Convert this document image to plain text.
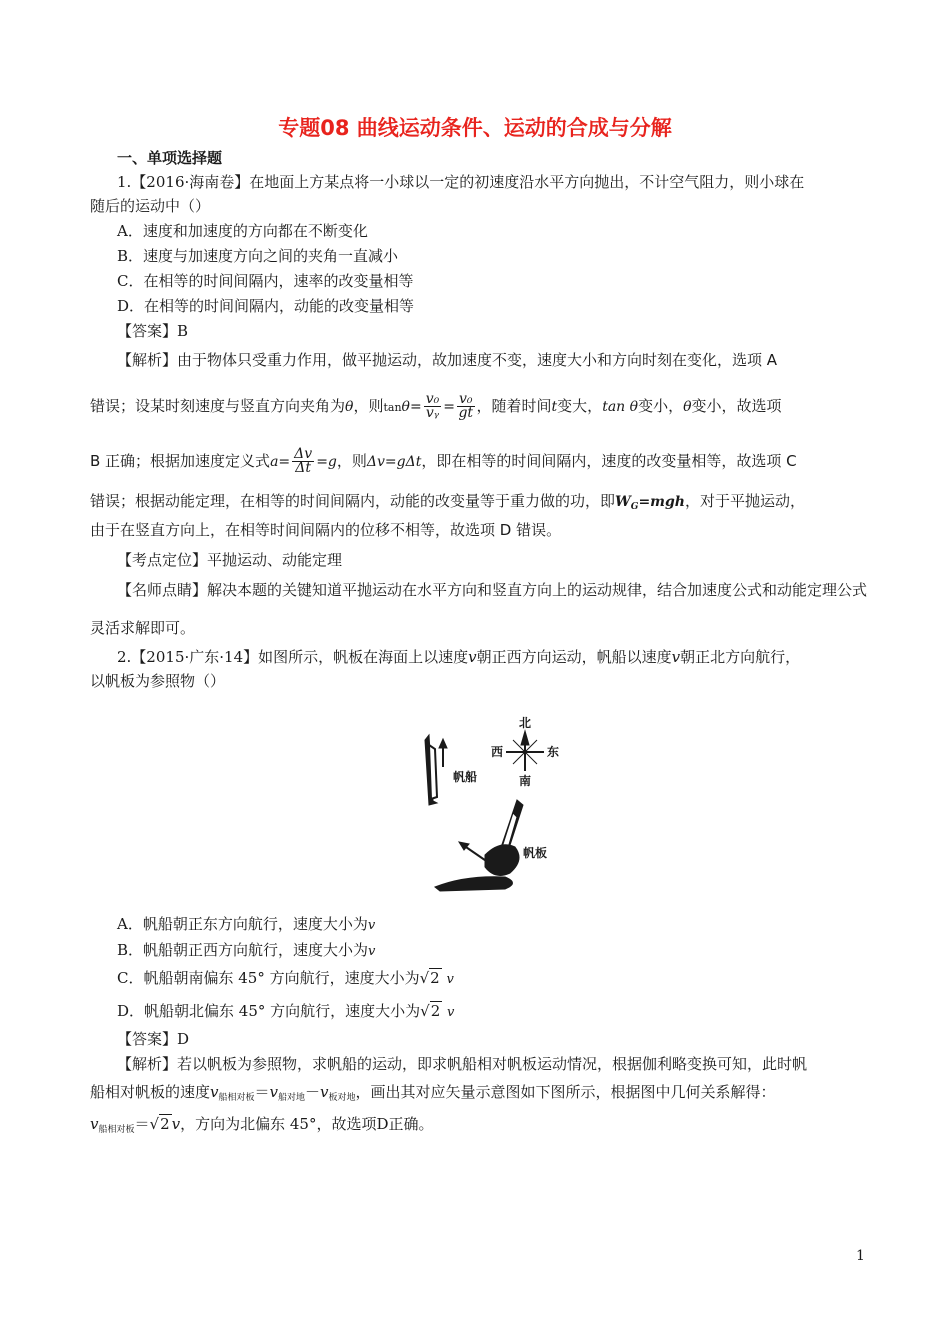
专题08 曲线运动条件、运动的合成与分解
一、单项选择题
1.【2016·海南卷】在地面上方某点将一小球以一定的初速度沿水平方向抛出，不计空气阻力，则小球在
随后的运动中（）
A．速度和加速度的方向都在不断变化
B．速度与加速度方向之间的夹角一直减小
C．在相等的时间间隔内，速率的改变量相等
D．在相等的时间间隔内，动能的改变量相等
【答案】B
【解析】由于物体只受重力作用，做平抛运动，故加速度不变，速度大小和方向时刻在变化，选项 A
错误；设某时刻速度与竖直方向夹角为θ，则$\tan\theta= \frac{\text{v₀}}{\text{vᵧ}} = \frac{\text{v₀}}{gt}$ ，随着时间t变大，tan θ变小，θ变小，故选项
B 正确；根据加速度定义式$a= \frac{\Delta v}{\Delta t} =g$，则Δv=gΔt，即在相等的时间间隔内，速度的改变量相等，故选项 C
错误；根据动能定理，在相等的时间间隔内，动能的改变量等于重力做的功，即$W_G=mgh$，对于平抛运动，
由于在竖直方向上，在相等时间间隔内的位移不相等，故选项 D 错误。
【考点定位】平抛运动、动能定理
【名师点睛】解决本题的关键知道平抛运动在水平方向和竖直方向上的运动规律，结合加速度公式和动能定理公式
灵活求解即可。
2.【2015·广东·14】如图所示，帆板在海面上以速度v朝正西方向运动，帆船以速度v朝正北方向航行，
以帆板为参照物（）
帆船
北
南
西	东
帆板
A．帆船朝正东方向航行，速度大小为v
B．帆船朝正西方向航行，速度大小为v
C．帆船朝南偏东 45° 方向航行，速度大小为√2 v
D．帆船朝北偏东 45° 方向航行，速度大小为√2 v
【答案】D
【解析】若以帆板为参照物，求帆船的运动，即求帆船相对帆板运动情况，根据伽利略变换可知，此时帆
船相对帆板的速度$v_{船相对板}=v_{船对地}-v_{板对地}$，画出其对应矢量示意图如下图所示，根据图中几何关系解得：
$v_{船相对板}=√2$ v，方向为北偏东 45°，故选项D正确。
1
